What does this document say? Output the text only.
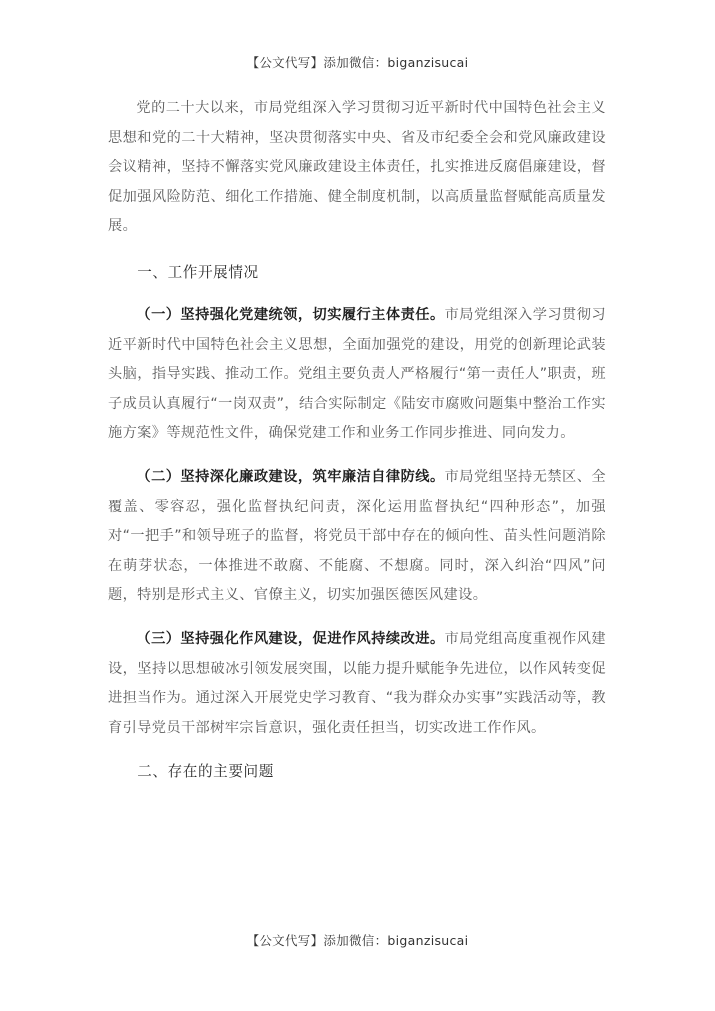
【公文代写】添加微信：biganzisucai

党的二十大以来，市局党组深入学习贯彻习近平新时代中国特色社会主义思想和党的二十大精神，坚决贯彻落实中央、省及市纪委全会和党风廉政建设会议精神，坚持不懈落实党风廉政建设主体责任，扎实推进反腐倡廉建设，督促加强风险防范、细化工作措施、健全制度机制，以高质量监督赋能高质量发展。

一、工作开展情况

（一）坚持强化党建统领，切实履行主体责任。市局党组深入学习贯彻习近平新时代中国特色社会主义思想，全面加强党的建设，用党的创新理论武装头脑，指导实践、推动工作。党组主要负责人严格履行“第一责任人”职责，班子成员认真履行“一岗双责”，结合实际制定《陆安市腐败问题集中整治工作实施方案》等规范性文件，确保党建工作和业务工作同步推进、同向发力。

（二）坚持深化廉政建设，筑牢廉洁自律防线。市局党组坚持无禁区、全覆盖、零容忍，强化监督执纪问责，深化运用监督执纪“四种形态”，加强对“一把手”和领导班子的监督，将党员干部中存在的倾向性、苗头性问题消除在萌芽状态，一体推进不敢腐、不能腐、不想腐。同时，深入纠治“四风”问题，特别是形式主义、官僚主义，切实加强医德医风建设。

（三）坚持强化作风建设，促进作风持续改进。市局党组高度重视作风建设，坚持以思想破冰引领发展突围，以能力提升赋能争先进位，以作风转变促进担当作为。通过深入开展党史学习教育、“我为群众办实事”实践活动等，教育引导党员干部树牢宗旨意识，强化责任担当，切实改进工作作风。

二、存在的主要问题
【公文代写】添加微信：biganzisucai
